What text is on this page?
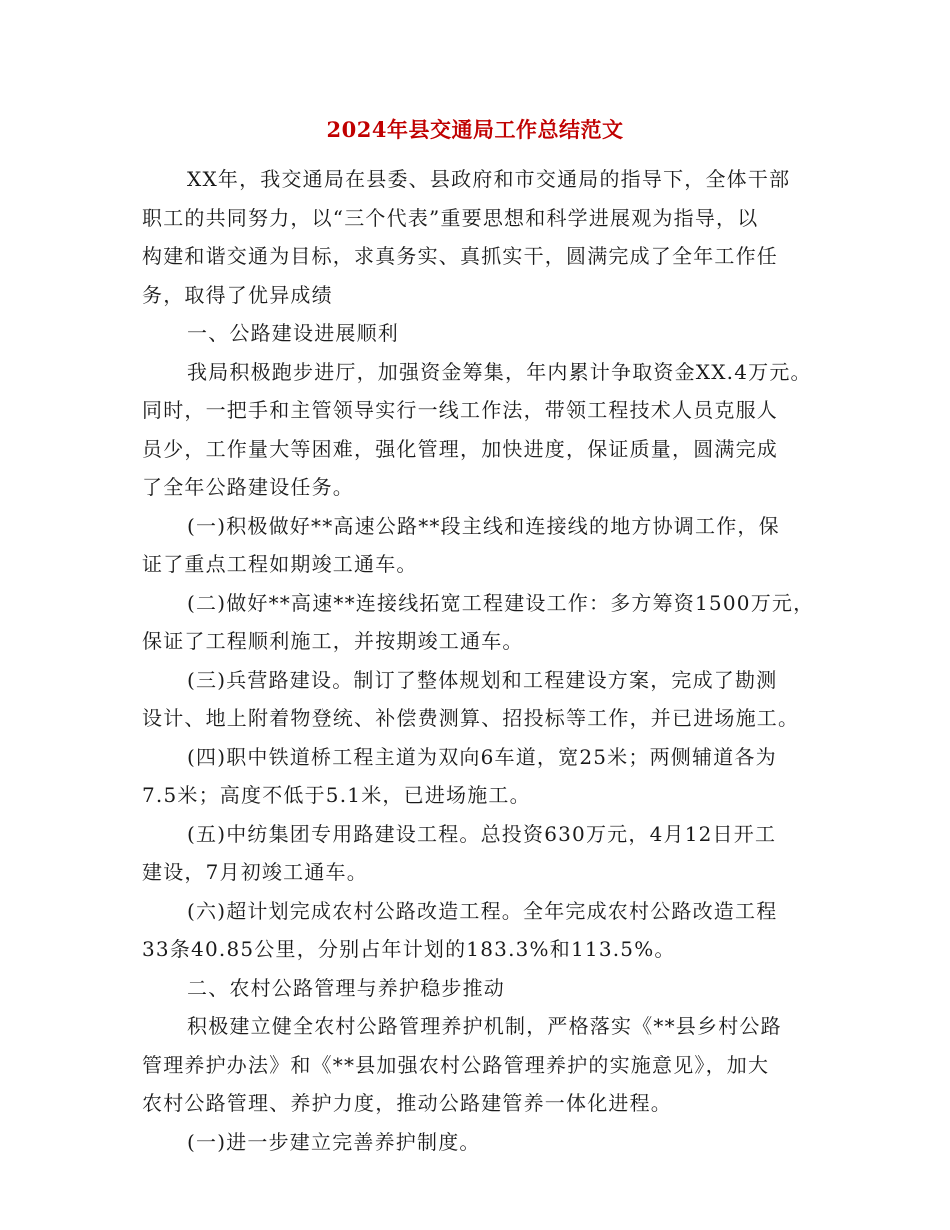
2024年县交通局工作总结范文
XX年，我交通局在县委、县政府和市交通局的指导下，全体干部
职工的共同努力，以“三个代表”重要思想和科学进展观为指导，以
构建和谐交通为目标，求真务实、真抓实干，圆满完成了全年工作任
务，取得了优异成绩
一、公路建设进展顺利
我局积极跑步进厅，加强资金筹集，年内累计争取资金XX.4万元。
同时，一把手和主管领导实行一线工作法，带领工程技术人员克服人
员少，工作量大等困难，强化管理，加快进度，保证质量，圆满完成
了全年公路建设任务。
(一)积极做好**高速公路**段主线和连接线的地方协调工作，保
证了重点工程如期竣工通车。
(二)做好**高速**连接线拓宽工程建设工作：多方筹资1500万元，
保证了工程顺利施工，并按期竣工通车。
(三)兵营路建设。制订了整体规划和工程建设方案，完成了勘测
设计、地上附着物登统、补偿费测算、招投标等工作，并已进场施工。
(四)职中铁道桥工程主道为双向6车道，宽25米；两侧辅道各为
7.5米；高度不低于5.1米，已进场施工。
(五)中纺集团专用路建设工程。总投资630万元，4月12日开工
建设，7月初竣工通车。
(六)超计划完成农村公路改造工程。全年完成农村公路改造工程
33条40.85公里，分别占年计划的183.3%和113.5%。
二、农村公路管理与养护稳步推动
积极建立健全农村公路管理养护机制，严格落实《**县乡村公路
管理养护办法》和《**县加强农村公路管理养护的实施意见》，加大
农村公路管理、养护力度，推动公路建管养一体化进程。
(一)进一步建立完善养护制度。
